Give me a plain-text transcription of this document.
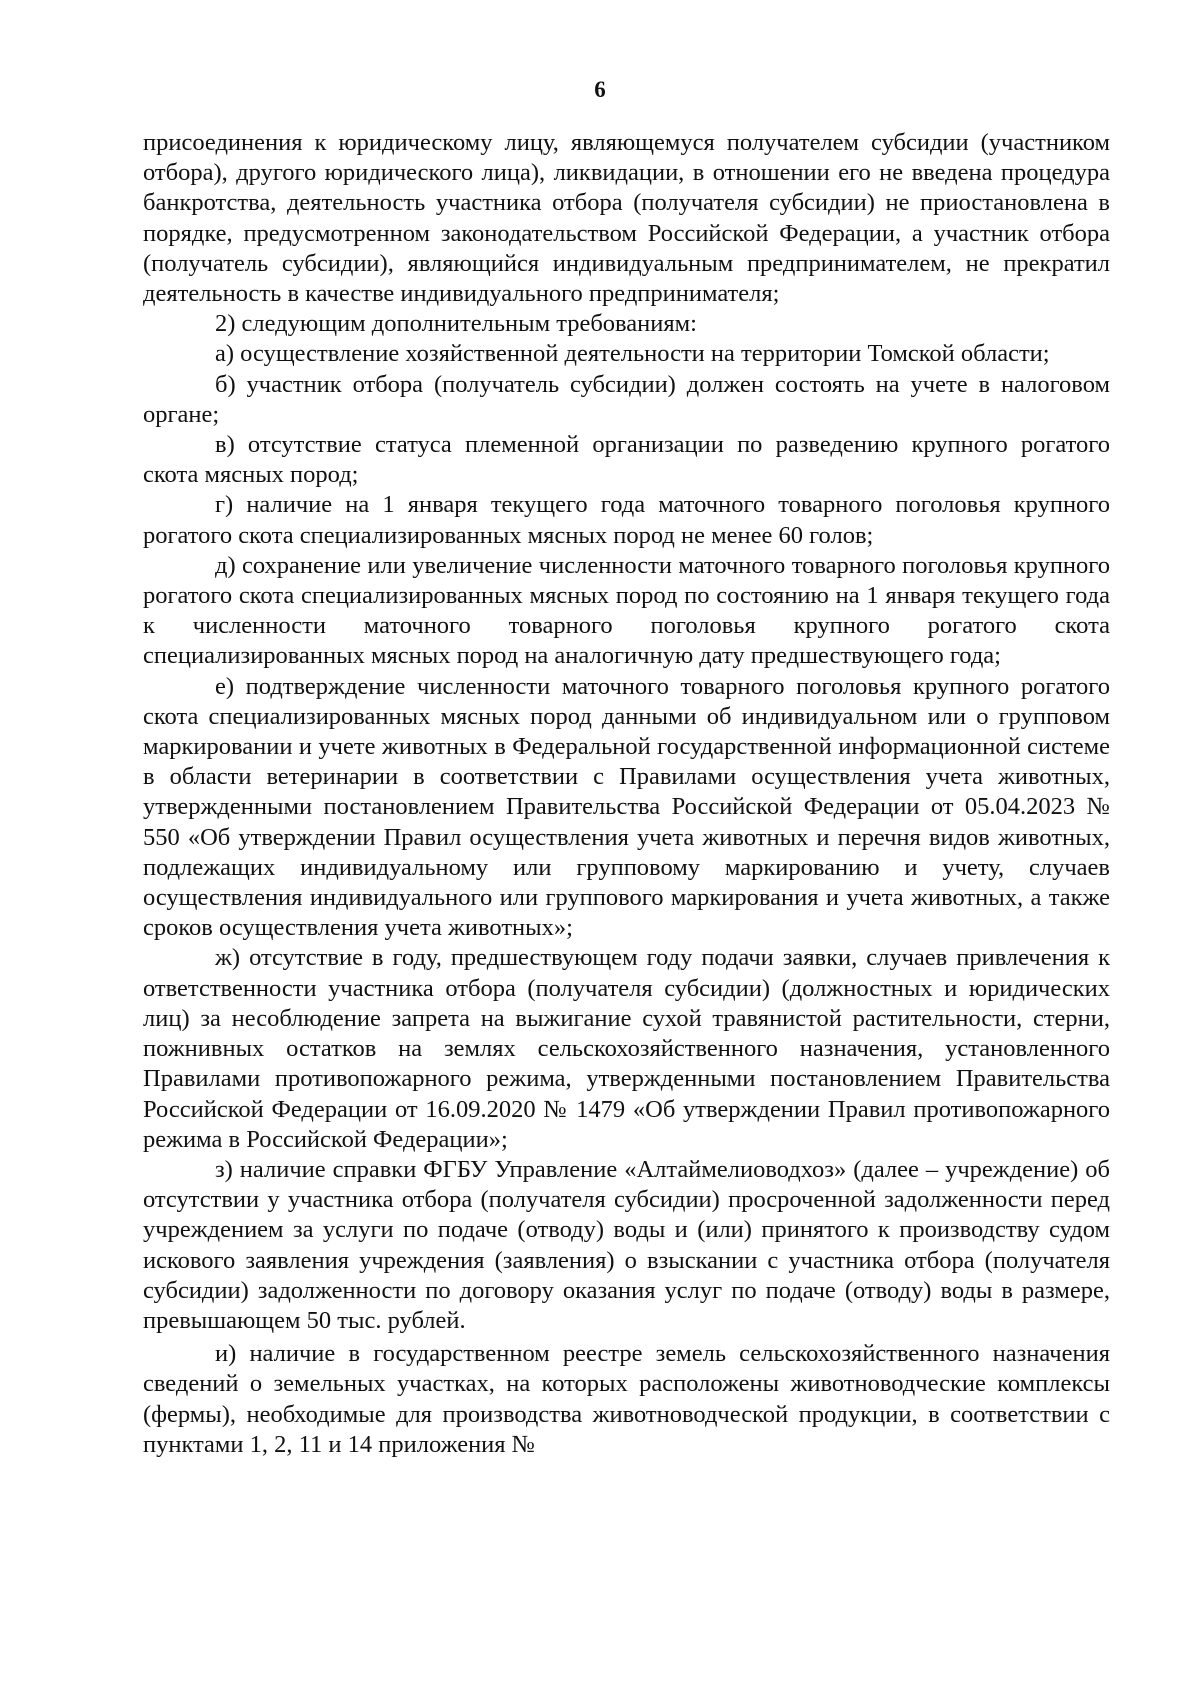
6

присоединения к юридическому лицу, являющемуся получателем субсидии (участником отбора), другого юридического лица), ликвидации, в отношении его не введена процедура банкротства, деятельность участника отбора (получателя субсидии) не приостановлена в порядке, предусмотренном законодательством Российской Федерации, а участник отбора (получатель субсидии), являющийся индивидуальным предпринимателем, не прекратил деятельность в качестве индивидуального предпринимателя;

2) следующим дополнительным требованиям:

а) осуществление хозяйственной деятельности на территории Томской области;

б) участник отбора (получатель субсидии) должен состоять на учете в налоговом органе;

в) отсутствие статуса племенной организации по разведению крупного рогатого скота мясных пород;

г) наличие на 1 января текущего года маточного товарного поголовья крупного рогатого скота специализированных мясных пород не менее 60 голов;

д) сохранение или увеличение численности маточного товарного поголовья крупного рогатого скота специализированных мясных пород по состоянию на 1 января текущего года к численности маточного товарного поголовья крупного рогатого скота специализированных мясных пород на аналогичную дату предшествующего года;

е) подтверждение численности маточного товарного поголовья крупного рогатого скота специализированных мясных пород данными об индивидуальном или о групповом маркировании и учете животных в Федеральной государственной информационной системе в области ветеринарии в соответствии с Правилами осуществления учета животных, утвержденными постановлением Правительства Российской Федерации от 05.04.2023 № 550 «Об утверждении Правил осуществления учета животных и перечня видов животных, подлежащих индивидуальному или групповому маркированию и учету, случаев осуществления индивидуального или группового маркирования и учета животных, а также сроков осуществления учета животных»;

ж) отсутствие в году, предшествующем году подачи заявки, случаев привлечения к ответственности участника отбора (получателя субсидии) (должностных и юридических лиц) за несоблюдение запрета на выжигание сухой травянистой растительности, стерни, пожнивных остатков на землях сельскохозяйственного назначения, установленного Правилами противопожарного режима, утвержденными постановлением Правительства Российской Федерации от 16.09.2020 № 1479 «Об утверждении Правил противопожарного режима в Российской Федерации»;

з) наличие справки ФГБУ Управление «Алтаймелиоводхоз» (далее – учреждение) об отсутствии у участника отбора (получателя субсидии) просроченной задолженности перед учреждением за услуги по подаче (отводу) воды и (или) принятого к производству судом искового заявления учреждения (заявления) о взыскании с участника отбора (получателя субсидии) задолженности по договору оказания услуг по подаче (отводу) воды в размере, превышающем 50 тыс. рублей.

и) наличие в государственном реестре земель сельскохозяйственного назначения сведений о земельных участках, на которых расположены животноводческие комплексы (фермы), необходимые для производства животноводческой продукции, в соответствии с пунктами 1, 2, 11 и 14 приложения №
